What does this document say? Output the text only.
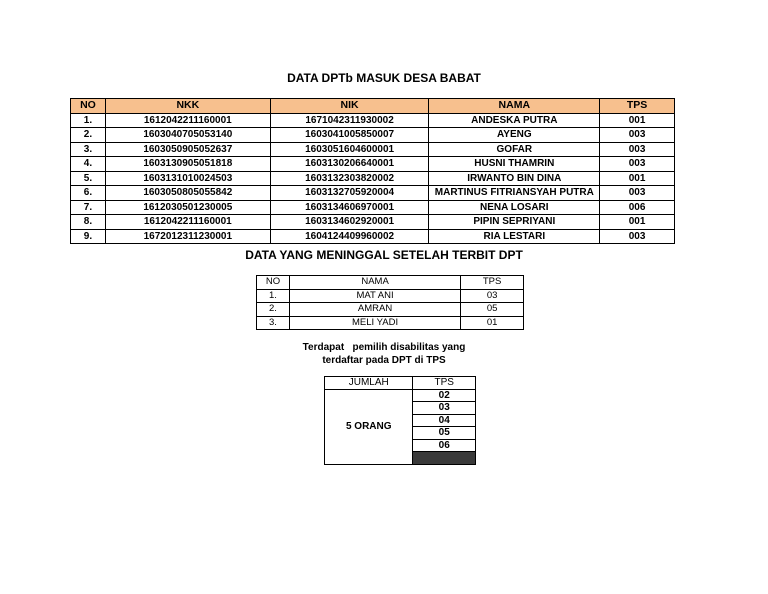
DATA DPTb MASUK DESA BABAT
NO	NKK	NIK	NAMA	TPS
1.	1612042211160001	1671042311930002	ANDESKA PUTRA	001
2.	1603040705053140	1603041005850007	AYENG	003
3.	1603050905052637	1603051604600001	GOFAR	003
4.	1603130905051818	1603130206640001	HUSNI THAMRIN	003
5.	1603131010024503	1603132303820002	IRWANTO BIN DINA	001
6.	1603050805055842	1603132705920004	MARTINUS FITRIANSYAH PUTRA	003
7.	1612030501230005	1603134606970001	NENA LOSARI	006
8.	1612042211160001	1603134602920001	PIPIN SEPRIYANI	001
9.	1672012311230001	1604124409960002	RIA LESTARI	003
DATA YANG MENINGGAL SETELAH TERBIT DPT
NO	NAMA	TPS
1.	MAT ANI	03
2.	AMRAN	05
3.	MELI YADI	01
Terdapat   pemilih disabilitas yang
terdaftar pada DPT di TPS
JUMLAH	TPS
5 ORANG	02
	03
	04
	05
	06
